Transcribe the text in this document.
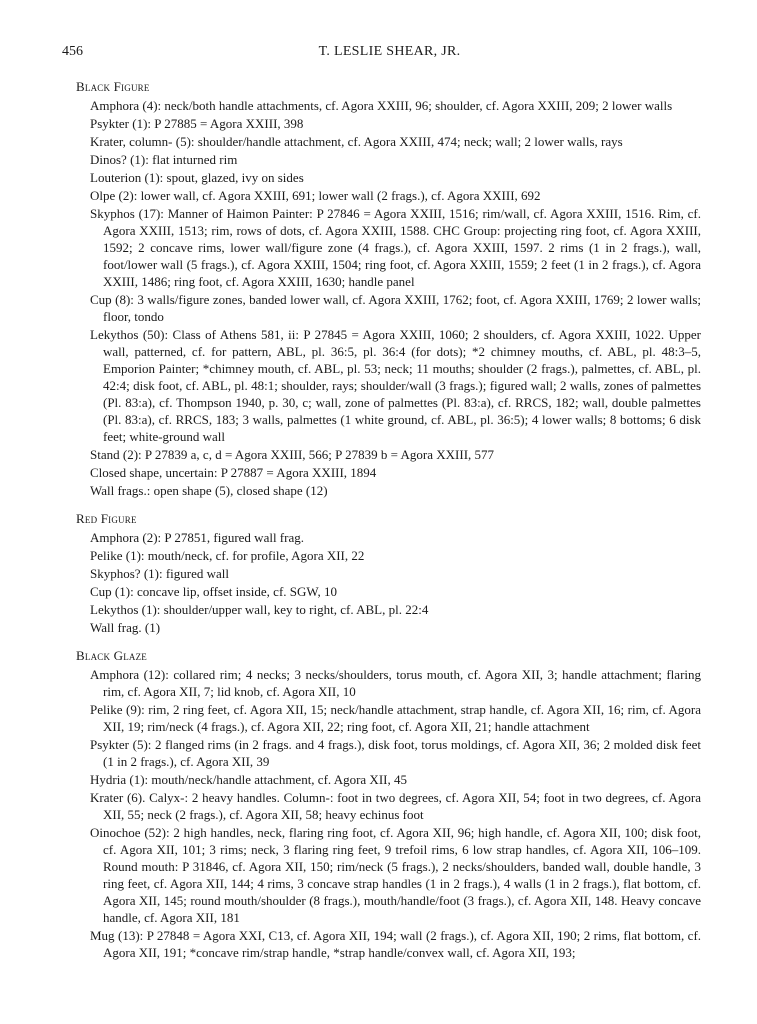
456	T. LESLIE SHEAR, JR.
Black Figure
Amphora (4): neck/both handle attachments, cf. Agora XXIII, 96; shoulder, cf. Agora XXIII, 209; 2 lower walls
Psykter (1): P 27885 = Agora XXIII, 398
Krater, column- (5): shoulder/handle attachment, cf. Agora XXIII, 474; neck; wall; 2 lower walls, rays
Dinos? (1): flat inturned rim
Louterion (1): spout, glazed, ivy on sides
Olpe (2): lower wall, cf. Agora XXIII, 691; lower wall (2 frags.), cf. Agora XXIII, 692
Skyphos (17): Manner of Haimon Painter: P 27846 = Agora XXIII, 1516; rim/wall, cf. Agora XXIII, 1516. Rim, cf. Agora XXIII, 1513; rim, rows of dots, cf. Agora XXIII, 1588. CHC Group: projecting ring foot, cf. Agora XXIII, 1592; 2 concave rims, lower wall/figure zone (4 frags.), cf. Agora XXIII, 1597. 2 rims (1 in 2 frags.), wall, foot/lower wall (5 frags.), cf. Agora XXIII, 1504; ring foot, cf. Agora XXIII, 1559; 2 feet (1 in 2 frags.), cf. Agora XXIII, 1486; ring foot, cf. Agora XXIII, 1630; handle panel
Cup (8): 3 walls/figure zones, banded lower wall, cf. Agora XXIII, 1762; foot, cf. Agora XXIII, 1769; 2 lower walls; floor, tondo
Lekythos (50): Class of Athens 581, ii: P 27845 = Agora XXIII, 1060; 2 shoulders, cf. Agora XXIII, 1022. Upper wall, patterned, cf. for pattern, ABL, pl. 36:5, pl. 36:4 (for dots); *2 chimney mouths, cf. ABL, pl. 48:3–5, Emporion Painter; *chimney mouth, cf. ABL, pl. 53; neck; 11 mouths; shoulder (2 frags.), palmettes, cf. ABL, pl. 42:4; disk foot, cf. ABL, pl. 48:1; shoulder, rays; shoulder/wall (3 frags.); figured wall; 2 walls, zones of palmettes (Pl. 83:a), cf. Thompson 1940, p. 30, c; wall, zone of palmettes (Pl. 83:a), cf. RRCS, 182; wall, double palmettes (Pl. 83:a), cf. RRCS, 183; 3 walls, palmettes (1 white ground, cf. ABL, pl. 36:5); 4 lower walls; 8 bottoms; 6 disk feet; white-ground wall
Stand (2): P 27839 a, c, d = Agora XXIII, 566; P 27839 b = Agora XXIII, 577
Closed shape, uncertain: P 27887 = Agora XXIII, 1894
Wall frags.: open shape (5), closed shape (12)
Red Figure
Amphora (2): P 27851, figured wall frag.
Pelike (1): mouth/neck, cf. for profile, Agora XII, 22
Skyphos? (1): figured wall
Cup (1): concave lip, offset inside, cf. SGW, 10
Lekythos (1): shoulder/upper wall, key to right, cf. ABL, pl. 22:4
Wall frag. (1)
Black Glaze
Amphora (12): collared rim; 4 necks; 3 necks/shoulders, torus mouth, cf. Agora XII, 3; handle attachment; flaring rim, cf. Agora XII, 7; lid knob, cf. Agora XII, 10
Pelike (9): rim, 2 ring feet, cf. Agora XII, 15; neck/handle attachment, strap handle, cf. Agora XII, 16; rim, cf. Agora XII, 19; rim/neck (4 frags.), cf. Agora XII, 22; ring foot, cf. Agora XII, 21; handle attachment
Psykter (5): 2 flanged rims (in 2 frags. and 4 frags.), disk foot, torus moldings, cf. Agora XII, 36; 2 molded disk feet (1 in 2 frags.), cf. Agora XII, 39
Hydria (1): mouth/neck/handle attachment, cf. Agora XII, 45
Krater (6). Calyx-: 2 heavy handles. Column-: foot in two degrees, cf. Agora XII, 54; foot in two degrees, cf. Agora XII, 55; neck (2 frags.), cf. Agora XII, 58; heavy echinus foot
Oinochoe (52): 2 high handles, neck, flaring ring foot, cf. Agora XII, 96; high handle, cf. Agora XII, 100; disk foot, cf. Agora XII, 101; 3 rims; neck, 3 flaring ring feet, 9 trefoil rims, 6 low strap handles, cf. Agora XII, 106–109. Round mouth: P 31846, cf. Agora XII, 150; rim/neck (5 frags.), 2 necks/shoulders, banded wall, double handle, 3 ring feet, cf. Agora XII, 144; 4 rims, 3 concave strap handles (1 in 2 frags.), 4 walls (1 in 2 frags.), flat bottom, cf. Agora XII, 145; round mouth/shoulder (8 frags.), mouth/handle/foot (3 frags.), cf. Agora XII, 148. Heavy concave handle, cf. Agora XII, 181
Mug (13): P 27848 = Agora XXI, C13, cf. Agora XII, 194; wall (2 frags.), cf. Agora XII, 190; 2 rims, flat bottom, cf. Agora XII, 191; *concave rim/strap handle, *strap handle/convex wall, cf. Agora XII, 193;
